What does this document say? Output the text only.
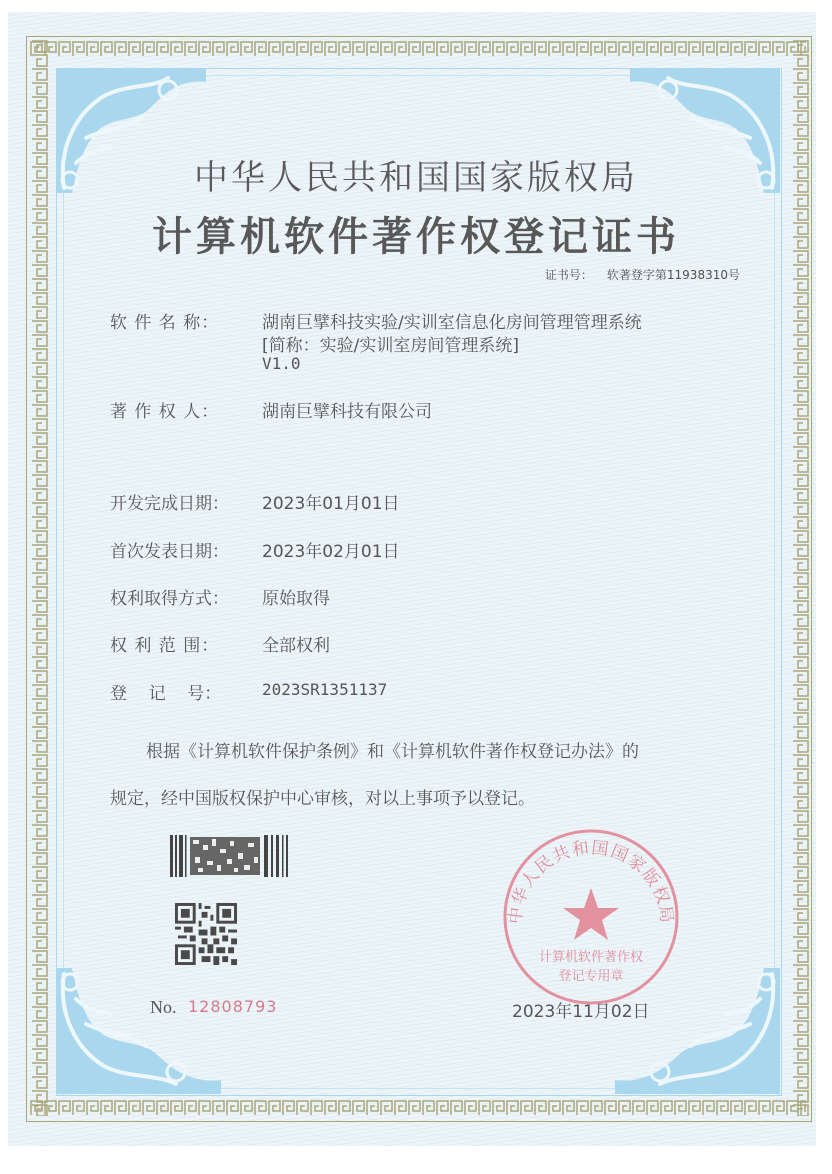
中华人民共和国国家版权局
计算机软件著作权登记证书
证书号： 软著登字第11938310号
软 件 名 称：	湖南巨擘科技实验/实训室信息化房间管理管理系统
[简称：实验/实训室房间管理系统]
V1.0
著 作 权 人：	湖南巨擘科技有限公司
开发完成日期： 2023年01月01日
首次发表日期： 2023年02月01日
权利取得方式： 原始取得
权 利 范 围：	全部权利
登    记    号：	2023SR1351137
根据《计算机软件保护条例》和《计算机软件著作权登记办法》的
规定，经中国版权保护中心审核，对以上事项予以登记。
No. 12808793
中华人民共和国国家版权局
计算机软件著作权
登记专用章
2023年11月02日
